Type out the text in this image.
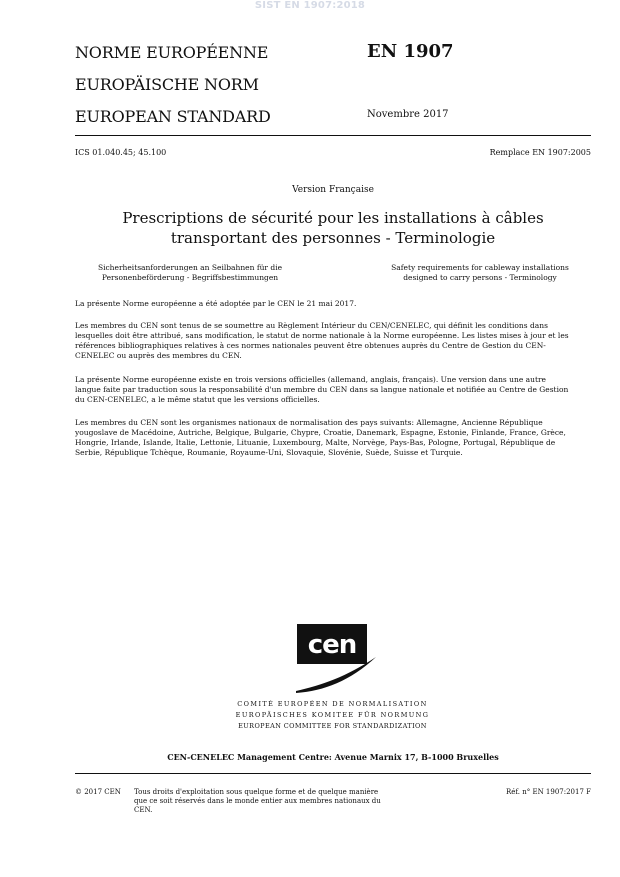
SIST EN 1907:2018
NORME EUROPÉENNE
EUROPÄISCHE NORM
EUROPEAN STANDARD
EN 1907
Novembre 2017
ICS 01.040.45; 45.100	Remplace EN 1907:2005
Version Française
Prescriptions de sécurité pour les installations à câbles
transportant des personnes - Terminologie
Sicherheitsanforderungen an Seilbahnen für die
Personenbeförderung - Begriffsbestimmungen
Safety requirements for cableway installations
designed to carry persons - Terminology
La présente Norme européenne a été adoptée par le CEN le 21 mai 2017.
Les membres du CEN sont tenus de se soumettre au Règlement Intérieur du CEN/CENELEC, qui définit les conditions dans
lesquelles doit être attribué, sans modification, le statut de norme nationale à la Norme européenne. Les listes mises à jour et les
références bibliographiques relatives à ces normes nationales peuvent être obtenues auprès du Centre de Gestion du CEN-
CENELEC ou auprès des membres du CEN.
La présente Norme européenne existe en trois versions officielles (allemand, anglais, français). Une version dans une autre
langue faite par traduction sous la responsabilité d'un membre du CEN dans sa langue nationale et notifiée au Centre de Gestion
du CEN-CENELEC, a le même statut que les versions officielles.
Les membres du CEN sont les organismes nationaux de normalisation des pays suivants: Allemagne, Ancienne République
yougoslave de Macédoine, Autriche, Belgique, Bulgarie, Chypre, Croatie, Danemark, Espagne, Estonie, Finlande, France, Grèce,
Hongrie, Irlande, Islande, Italie, Lettonie, Lituanie, Luxembourg, Malte, Norvège, Pays-Bas, Pologne, Portugal, République de
Serbie, République Tchèque, Roumanie, Royaume-Uni, Slovaquie, Slovénie, Suède, Suisse et Turquie.
cen
COMITÉ EUROPÉEN DE NORMALISATION
EUROPÄISCHES KOMITEE FÜR NORMUNG
EUROPEAN COMMITTEE FOR STANDARDIZATION
CEN-CENELEC Management Centre: Avenue Marnix 17, B-1000 Bruxelles
© 2017 CEN Tous droits d'exploitation sous quelque forme et de quelque manière
que ce soit réservés dans le monde entier aux membres nationaux du
CEN.
Réf. n° EN 1907:2017 F
